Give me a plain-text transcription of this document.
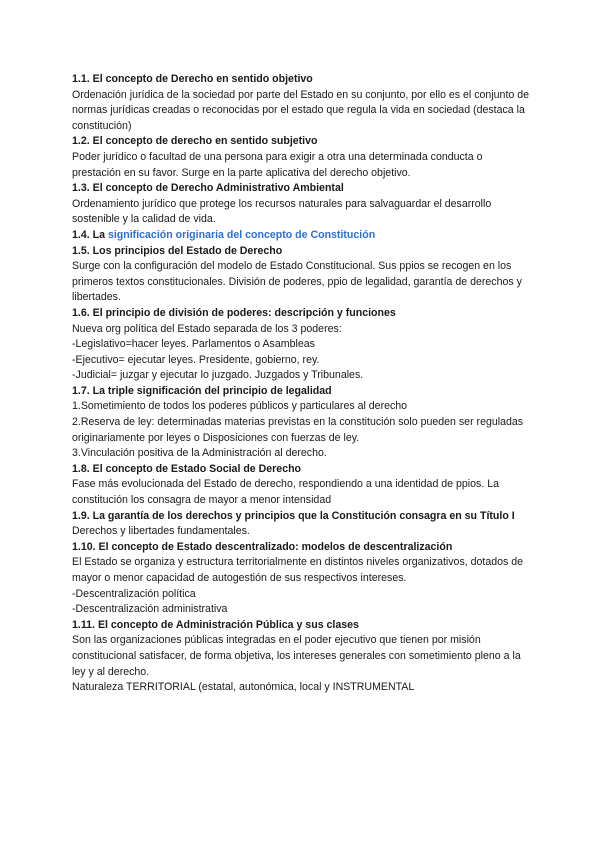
1.1. El concepto de Derecho en sentido objetivo

Ordenación jurídica de la sociedad por parte del Estado en su conjunto, por ello es el conjunto de normas jurídicas creadas o reconocidas por el estado que regula la vida en sociedad (destaca la constitución)

1.2. El concepto de derecho en sentido subjetivo

Poder jurídico o facultad de una persona para exigir a otra una determinada conducta o prestación en su favor. Surge en la parte aplicativa del derecho objetivo.

1.3. El concepto de Derecho Administrativo Ambiental

Ordenamiento jurídico que protege los recursos naturales para salvaguardar el desarrollo sostenible y la calidad de vida.

1.4. La significación originaria del concepto de Constitución

1.5. Los principios del Estado de Derecho

Surge con la configuración del modelo de Estado Constitucional. Sus ppios se recogen en los primeros textos constitucionales. División de poderes, ppio de legalidad, garantía de derechos y libertades.

1.6. El principio de división de poderes: descripción y funciones

Nueva org política del Estado separada de los 3 poderes:

-Legislativo=hacer leyes. Parlamentos o Asambleas

-Ejecutivo= ejecutar leyes. Presidente, gobierno, rey.

-Judicial= juzgar y ejecutar lo juzgado. Juzgados y Tribunales.

1.7. La triple significación del principio de legalidad

1.Sometimiento de todos los poderes públicos y particulares al derecho

2.Reserva de ley: determinadas materias previstas en la constitución solo pueden ser reguladas originariamente por leyes o Disposiciones con fuerzas de ley.

3.Vinculación positiva de la Administración al derecho.

1.8. El concepto de Estado Social de Derecho

Fase más evolucionada del Estado de derecho, respondiendo a una identidad de ppios. La constitución los consagra de mayor a menor intensidad

1.9. La garantía de los derechos y principios que la Constitución consagra en su Título I

Derechos y libertades fundamentales.

1.10. El concepto de Estado descentralizado: modelos de descentralización

El Estado se organiza y estructura territorialmente en distintos niveles organizativos, dotados de mayor o menor capacidad de autogestión de sus respectivos intereses.

-Descentralización política

-Descentralización administrativa

1.11. El concepto de Administración Pública y sus clases

Son las organizaciones públicas integradas en el poder ejecutivo que tienen por misión constitucional satisfacer, de forma objetiva, los intereses generales con sometimiento pleno a la ley y al derecho.

Naturaleza TERRITORIAL (estatal, autonómica, local y INSTRUMENTAL
